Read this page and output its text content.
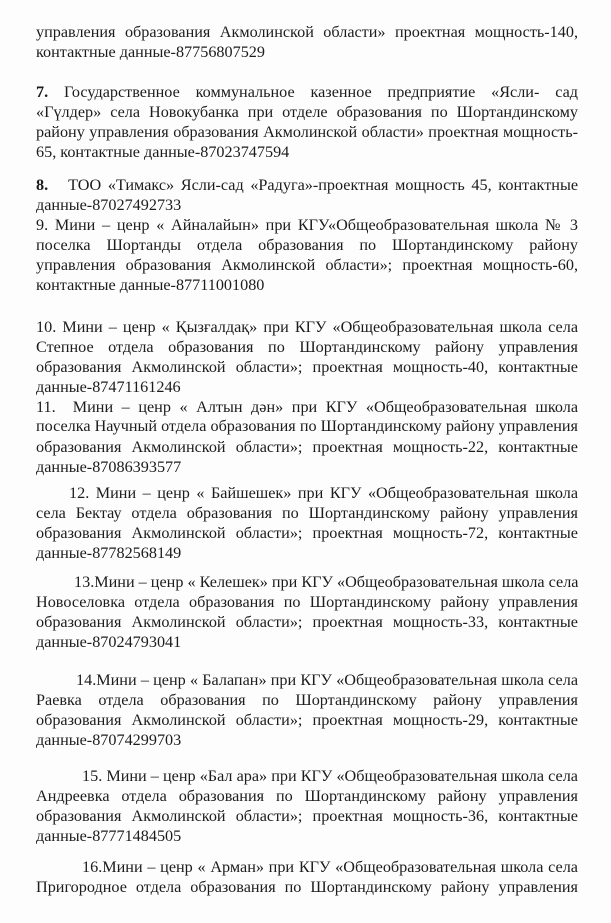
управления образования Акмолинской области» проектная мощность-140,
контактные данные-87756807529
7. Государственное коммунальное казенное предприятие «Ясли- сад
«Гүлдер» села Новокубанка при отделе образования по Шортандинскому
району управления образования Акмолинской области» проектная мощность-
65, контактные данные-87023747594
8. ТОО «Тимакс» Ясли-сад «Радуга»-проектная мощность 45, контактные
данные-87027492733
9. Мини – ценр « Айналайын» при КГУ«Общеобразовательная школа № 3
поселка Шортанды отдела образования по Шортандинскому району
управления образования Акмолинской области»; проектная мощность-60,
контактные данные-87711001080
10. Мини – ценр « Қызғалдақ» при КГУ «Общеобразовательная школа села
Степное отдела образования по Шортандинскому району управления
образования Акмолинской области»; проектная мощность-40, контактные
данные-87471161246
11. Мини – ценр « Алтын дән» при КГУ «Общеобразовательная школа
поселка Научный отдела образования по Шортандинскому району управления
образования Акмолинской области»; проектная мощность-22, контактные
данные-87086393577
12. Мини – ценр « Байшешек» при КГУ «Общеобразовательная школа
села Бектау отдела образования по Шортандинскому району управления
образования Акмолинской области»; проектная мощность-72, контактные
данные-87782568149
13.Мини – ценр « Келешек» при КГУ «Общеобразовательная школа села
Новоселовка отдела образования по Шортандинскому району управления
образования Акмолинской области»; проектная мощность-33, контактные
данные-87024793041
14.Мини – ценр « Балапан» при КГУ «Общеобразовательная школа села
Раевка отдела образования по Шортандинскому району управления
образования Акмолинской области»; проектная мощность-29, контактные
данные-87074299703
15. Мини – ценр «Бал ара» при КГУ «Общеобразовательная школа села
Андреевка отдела образования по Шортандинскому району управления
образования Акмолинской области»; проектная мощность-36, контактные
данные-87771484505
16.Мини – ценр « Арман» при КГУ «Общеобразовательная школа села
Пригородное отдела образования по Шортандинскому району управления
